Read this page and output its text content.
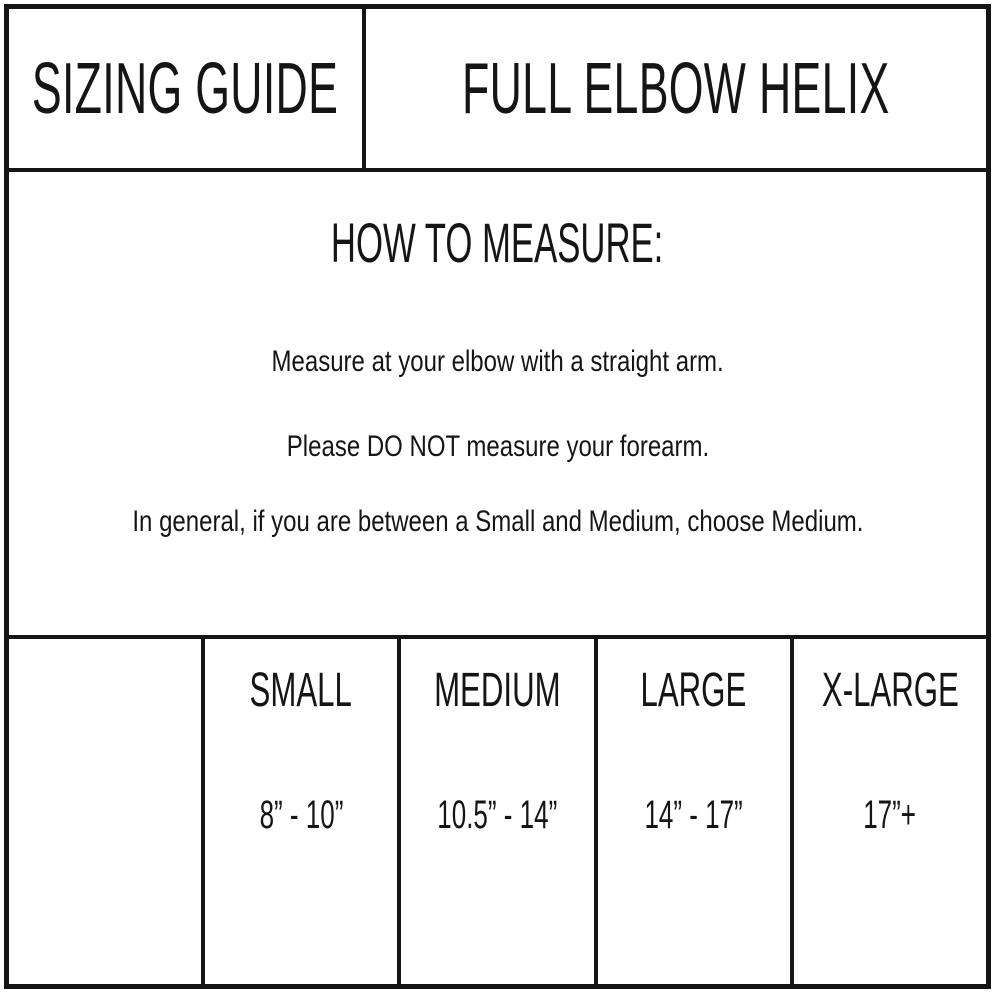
SIZING GUIDE FULL ELBOW HELIX
HOW TO MEASURE:
Measure at your elbow with a straight arm.
Please DO NOT measure your forearm.
In general, if you are between a Small and Medium, choose Medium.
SMALL
8” - 10”
MEDIUM
10.5” - 14”
LARGE
14” - 17”
X-LARGE
17”+
